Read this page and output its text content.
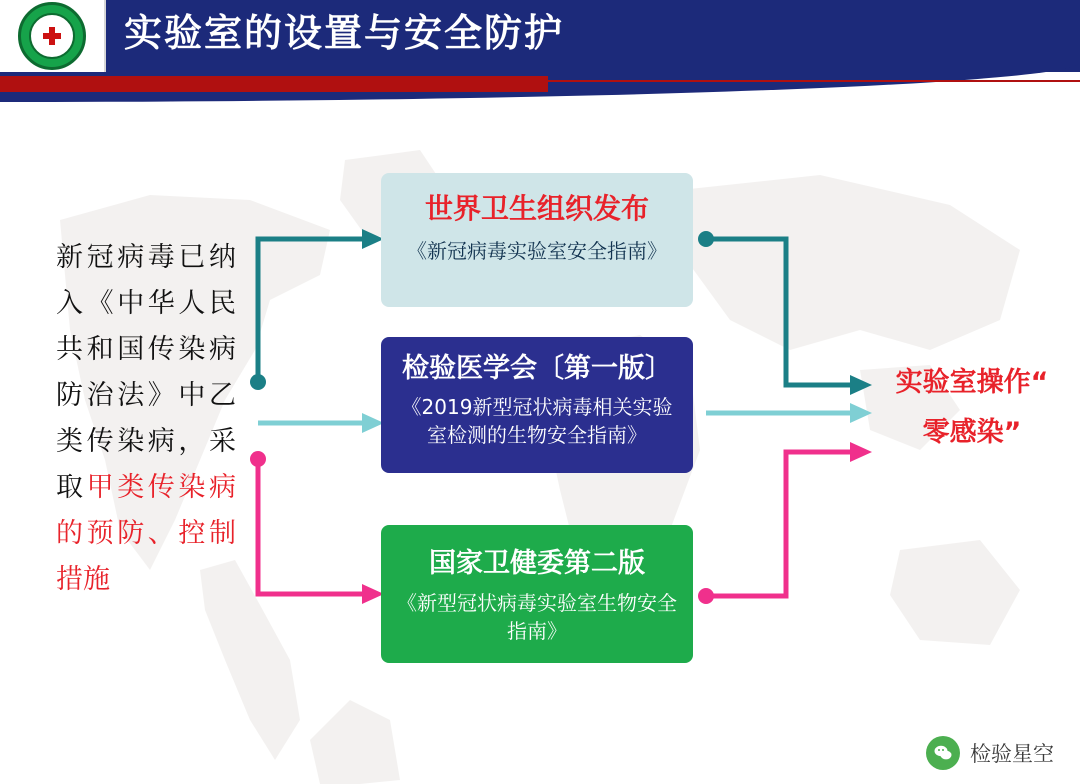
实验室的设置与安全防护
新冠病毒已纳入《中华人民共和国传染病防治法》中乙类传染病，采取甲类传染病的预防、控制措施
世界卫生组织发布
《新冠病毒实验室安全指南》
检验医学会〔第一版〕
《2019新型冠状病毒相关实验室检测的生物安全指南》
国家卫健委第二版
《新型冠状病毒实验室生物安全指南》
实验室操作“
零感染”
检验星空
